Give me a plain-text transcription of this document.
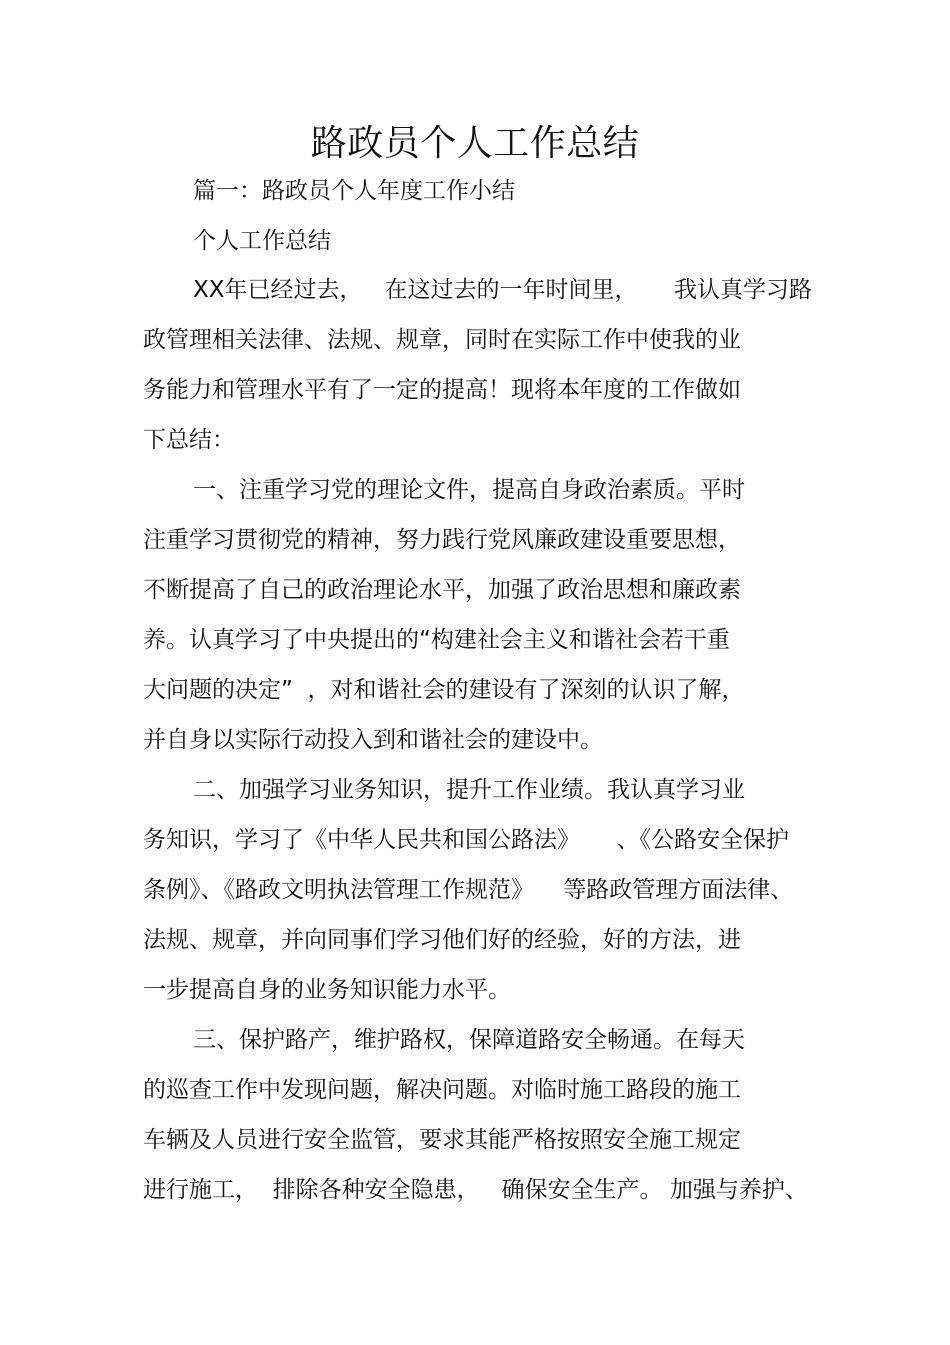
路政员个人工作总结
篇一：路政员个人年度工作小结
个人工作总结
XX年已经过去，   在这过去的一年时间里，     我认真学习路
政管理相关法律、法规、规章，同时在实际工作中使我的业
务能力和管理水平有了一定的提高！现将本年度的工作做如
下总结：
一、注重学习党的理论文件，提高自身政治素质。平时
注重学习贯彻党的精神，努力践行党风廉政建设重要思想，
不断提高了自己的政治理论水平，加强了政治思想和廉政素
养。认真学习了中央提出的“构建社会主义和谐社会若干重
大问题的决定”  ，对和谐社会的建设有了深刻的认识了解，
并自身以实际行动投入到和谐社会的建设中。
二、加强学习业务知识，提升工作业绩。我认真学习业
务知识，学习了《中华人民共和国公路法》     、《公路安全保护
条例》、《路政文明执法管理工作规范》    等路政管理方面法律、
法规、规章，并向同事们学习他们好的经验，好的方法，进
一步提高自身的业务知识能力水平。
三、保护路产，维护路权，保障道路安全畅通。在每天
的巡查工作中发现问题，解决问题。对临时施工路段的施工
车辆及人员进行安全监管，要求其能严格按照安全施工规定
进行施工，  排除各种安全隐患，   确保安全生产。 加强与养护、
